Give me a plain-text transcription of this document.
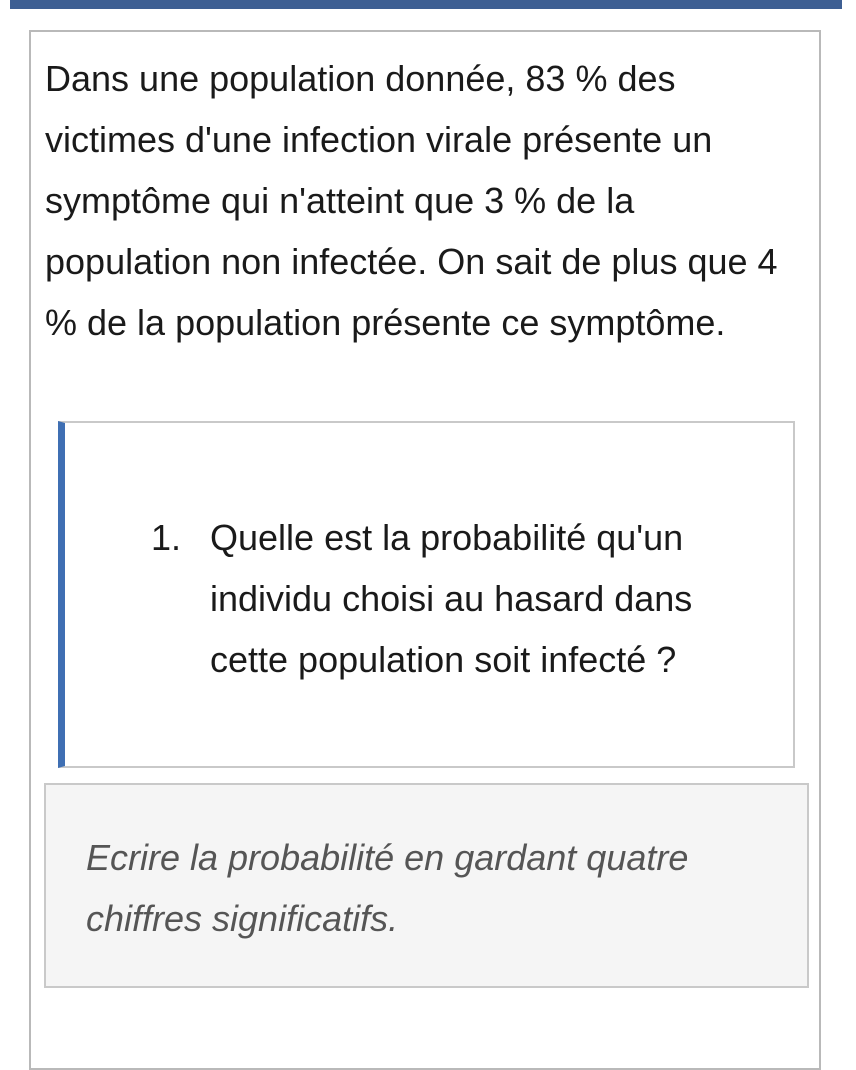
Dans une population donnée, 83 % des victimes d'une infection virale présente un symptôme qui n'atteint que 3 % de la population non infectée. On sait de plus que 4 % de la population présente ce symptôme.

1. Quelle est la probabilité qu'un individu choisi au hasard dans cette population soit infecté ?

Ecrire la probabilité en gardant quatre chiffres significatifs.
